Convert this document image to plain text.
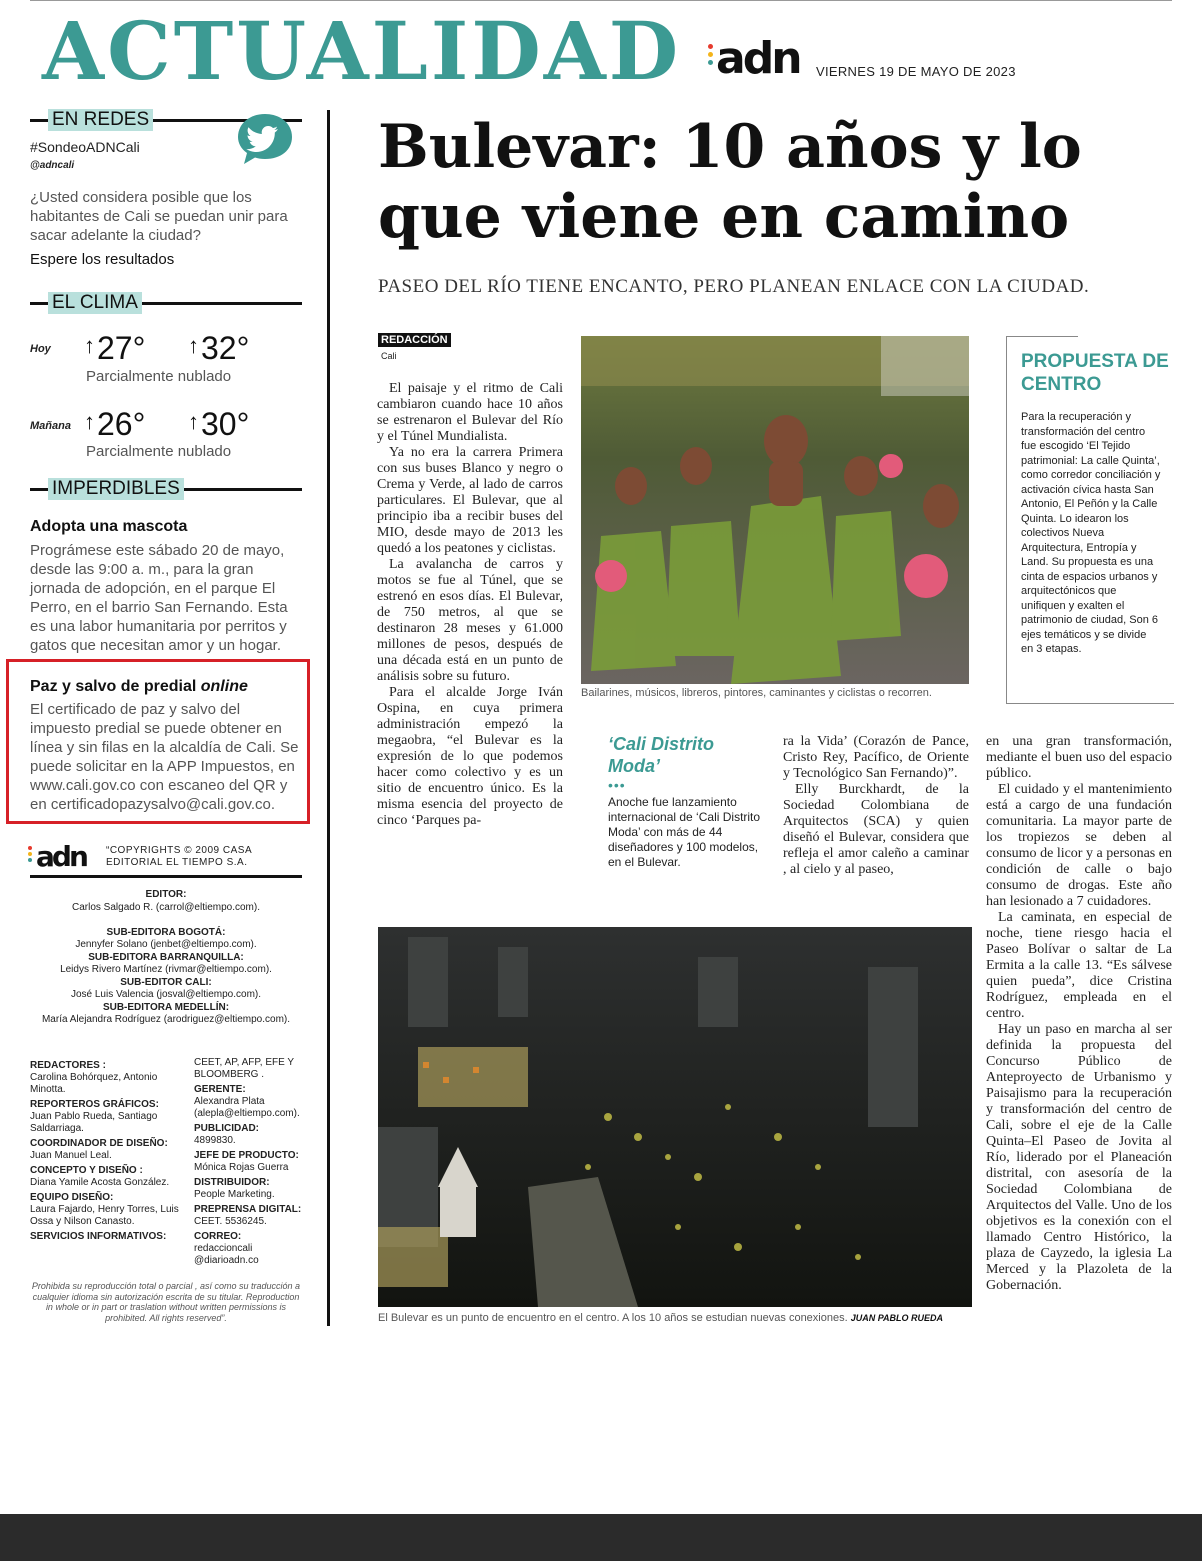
ACTUALIDAD adn VIERNES 19 DE MAYO DE 2023
EN REDES
#SondeoADNCali
@adncali
¿Usted considera posible que los habitantes de Cali se puedan unir para sacar adelante la ciudad?
Espere los resultados
EL CLIMA
Hoy ↑27° ↑32°
Parcialmente nublado
Mañana ↑26° ↑30°
Parcialmente nublado
IMPERDIBLES
Adopta una mascota
Prográmese este sábado 20 de mayo, desde las 9:00 a. m., para la gran jornada de adopción, en el parque El Perro, en el barrio San Fernando. Esta es una labor humanitaria por perritos y gatos que necesitan amor y un hogar.
Paz y salvo de predial online
El certificado de paz y salvo del impuesto predial se puede obtener en línea y sin filas en la alcaldía de Cali. Se puede solicitar en la APP Impuestos, en www.cali.gov.co con escaneo del QR y en certificadopazysalvo@cali.gov.co.
adn “COPYRIGHTS © 2009 CASA EDITORIAL EL TIEMPO S.A.
EDITOR:
Carlos Salgado R. (carrol@eltiempo.com).

SUB-EDITORA BOGOTÁ:
Jennyfer Solano (jenbet@eltiempo.com).
SUB-EDITORA BARRANQUILLA:
Leidys Rivero Martínez (rivmar@eltiempo.com).
SUB-EDITOR CALI:
José Luis Valencia (josval@eltiempo.com).
SUB-EDITORA MEDELLÍN:
María Alejandra Rodríguez (arodriguez@eltiempo.com).
REDACTORES :
Carolina Bohórquez, Antonio Minotta.
REPORTEROS GRÁFICOS:
Juan Pablo Rueda, Santiago Saldarriaga.
COORDINADOR DE DISEÑO:
Juan Manuel Leal.
CONCEPTO Y DISEÑO :
Diana Yamile Acosta González.
EQUIPO DISEÑO:
Laura Fajardo, Henry Torres, Luis Ossa y Nilson Canasto.
SERVICIOS INFORMATIVOS:
CEET, AP, AFP, EFE Y BLOOMBERG .
GERENTE:
Alexandra Plata (alepla@eltiempo.com).
PUBLICIDAD:
4899830.
JEFE DE PRODUCTO:
Mónica Rojas Guerra
DISTRIBUIDOR:
People Marketing.
PREPRENSA DIGITAL:
CEET. 5536245.
CORREO:
redaccioncali @diarioadn.co
Prohibida su reproducción total o parcial , así como su traducción a cualquier idioma sin autorización escrita de su titular. Reproduction in whole or in part or traslation without written permissions is prohibited. All rights reserved”.
Bulevar: 10 años y lo que viene en camino
PASEO DEL RÍO TIENE ENCANTO, PERO PLANEAN ENLACE CON LA CIUDAD.
REDACCIÓN
Cali

El paisaje y el ritmo de Cali cambiaron cuando hace 10 años se estrenaron el Bulevar del Río y el Túnel Mundialista.

Ya no era la carrera Primera con sus buses Blanco y negro o Crema y Verde, al lado de carros particulares. El Bulevar, que al principio iba a recibir buses del MIO, desde mayo de 2013 les quedó a los peatones y ciclistas.

La avalancha de carros y motos se fue al Túnel, que se estrenó en esos días. El Bulevar, de 750 metros, al que se destinaron 28 meses y 61.000 millones de pesos, después de una década está en un punto de análisis sobre su futuro.

Para el alcalde Jorge Iván Ospina, en cuya primera administración empezó la megaobra, “el Bulevar es la expresión de lo que podemos hacer como colectivo y es un sitio de encuentro único. Es la misma esencia del proyecto de cinco ‘Parques pa-

Bailarines, músicos, libreros, pintores, caminantes y ciclistas o recorren.
PROPUESTA DE CENTRO

Para la recuperación y transformación del centro fue escogido ‘El Tejido patrimonial: La calle Quinta’, como corredor conciliación y activación cívica hasta San Antonio, El Peñón y la Calle Quinta. Lo idearon los colectivos Nueva Arquitectura, Entropía y Land. Su propuesta es una cinta de espacios urbanos y arquitectónicos que unifiquen y exalten el patrimonio de ciudad, Son 6 ejes temáticos y se divide en 3 etapas.

‘Cali Distrito Moda’
•••

Anoche fue lanzamiento internacional de ‘Cali Distrito Moda’ con más de 44 diseñadores y 100 modelos, en el Bulevar.

ra la Vida’ (Corazón de Pance, Cristo Rey, Pacífico, de Oriente y Tecnológico San Fernando)”.

Elly Burckhardt, de la Sociedad Colombiana de Arquitectos (SCA) y quien diseñó el Bulevar, considera que refleja el amor caleño a caminar , al cielo y al paseo,

en una gran transformación, mediante el buen uso del espacio público.

El cuidado y el mantenimiento está a cargo de una fundación comunitaria. La mayor parte de los tropiezos se deben al consumo de licor y a personas en condición de calle o bajo consumo de drogas. Este año han lesionado a 7 cuidadores.

La caminata, en especial de noche, tiene riesgo hacia el Paseo Bolívar o saltar de La Ermita a la calle 13. “Es sálvese quien pueda”, dice Cristina Rodríguez, empleada en el centro.

Hay un paso en marcha al ser definida la propuesta del Concurso Público de Anteproyecto de Urbanismo y Paisajismo para la recuperación y transformación del centro de Cali, sobre el eje de la Calle Quinta–El Paseo de Jovita al Río, liderado por el Planeación distrital, con asesoría de la Sociedad Colombiana de Arquitectos del Valle. Uno de los objetivos es la conexión con el llamado Centro Histórico, la plaza de Cayzedo, la iglesia La Merced y la Plazoleta de la Gobernación.

El Bulevar es un punto de encuentro en el centro. A los 10 años se estudian nuevas conexiones. JUAN PABLO RUEDA
